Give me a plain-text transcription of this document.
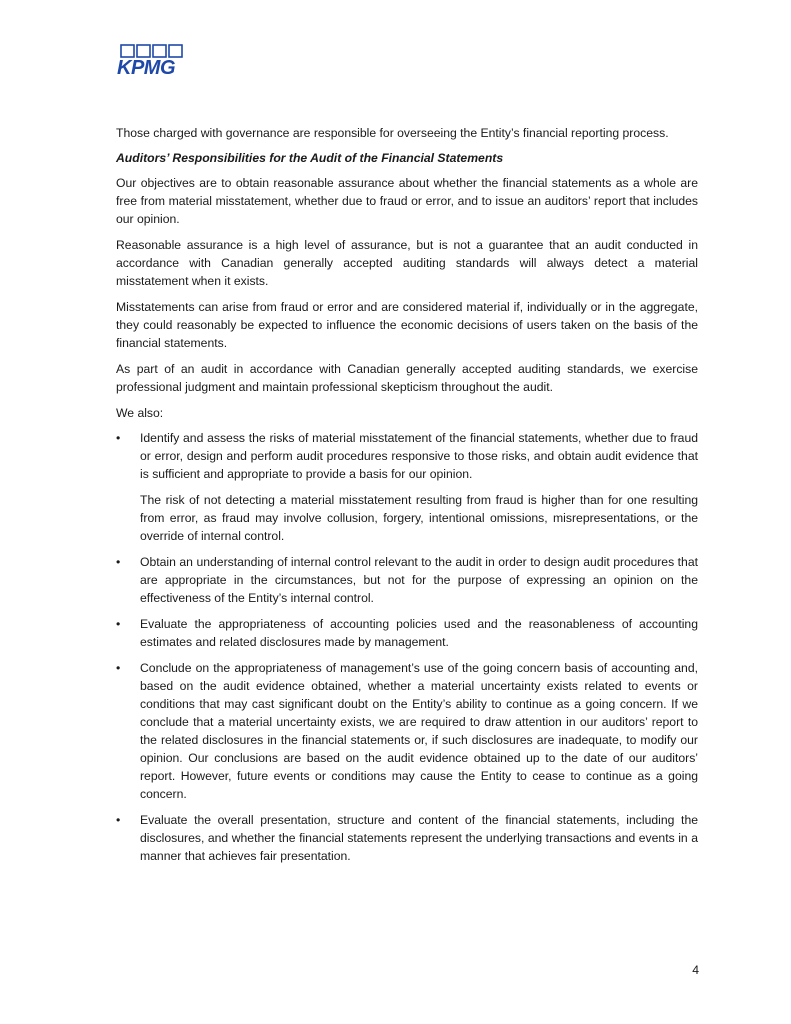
KPMG

Those charged with governance are responsible for overseeing the Entity’s financial reporting process.

Auditors’ Responsibilities for the Audit of the Financial Statements

Our objectives are to obtain reasonable assurance about whether the financial statements as a whole are free from material misstatement, whether due to fraud or error, and to issue an auditors’ report that includes our opinion.

Reasonable assurance is a high level of assurance, but is not a guarantee that an audit conducted in accordance with Canadian generally accepted auditing standards will always detect a material misstatement when it exists.

Misstatements can arise from fraud or error and are considered material if, individually or in the aggregate, they could reasonably be expected to influence the economic decisions of users taken on the basis of the financial statements.

As part of an audit in accordance with Canadian generally accepted auditing standards, we exercise professional judgment and maintain professional skepticism throughout the audit.

We also:

• Identify and assess the risks of material misstatement of the financial statements, whether due to fraud or error, design and perform audit procedures responsive to those risks, and obtain audit evidence that is sufficient and appropriate to provide a basis for our opinion.
The risk of not detecting a material misstatement resulting from fraud is higher than for one resulting from error, as fraud may involve collusion, forgery, intentional omissions, misrepresentations, or the override of internal control.
• Obtain an understanding of internal control relevant to the audit in order to design audit procedures that are appropriate in the circumstances, but not for the purpose of expressing an opinion on the effectiveness of the Entity’s internal control.
• Evaluate the appropriateness of accounting policies used and the reasonableness of accounting estimates and related disclosures made by management.
• Conclude on the appropriateness of management’s use of the going concern basis of accounting and, based on the audit evidence obtained, whether a material uncertainty exists related to events or conditions that may cast significant doubt on the Entity’s ability to continue as a going concern. If we conclude that a material uncertainty exists, we are required to draw attention in our auditors’ report to the related disclosures in the financial statements or, if such disclosures are inadequate, to modify our opinion. Our conclusions are based on the audit evidence obtained up to the date of our auditors’ report. However, future events or conditions may cause the Entity to cease to continue as a going concern.
• Evaluate the overall presentation, structure and content of the financial statements, including the disclosures, and whether the financial statements represent the underlying transactions and events in a manner that achieves fair presentation.
4
